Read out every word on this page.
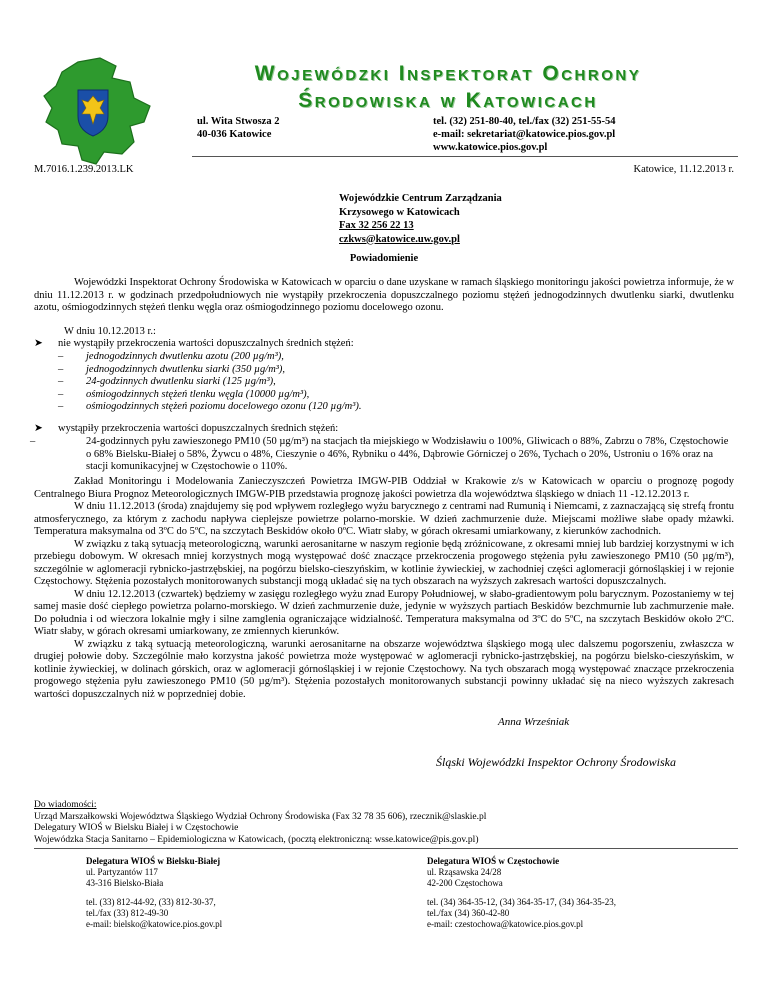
Wojewódzki Inspektorat Ochrony
Środowiska w Katowicach
ul. Wita Stwosza 2
40-036 Katowice
tel. (32) 251-80-40, tel./fax (32) 251-55-54
e-mail: sekretariat@katowice.pios.gov.pl
www.katowice.pios.gov.pl
M.7016.1.239.2013.LK	Katowice, 11.12.2013 r.
Wojewódzkie Centrum Zarządzania
Krzysowego w Katowicach
Fax 32 256 22 13
czkws@katowice.uw.gov.pl
Powiadomienie
Wojewódzki Inspektorat Ochrony Środowiska w Katowicach w oparciu o dane uzyskane w ramach śląskiego monitoringu jakości powietrza informuje, że w dniu 11.12.2013 r. w godzinach przedpołudniowych nie wystąpiły przekroczenia dopuszczalnego poziomu stężeń jednogodzinnych dwutlenku siarki, dwutlenku azotu, ośmiogodzinnych stężeń tlenku węgla oraz ośmiogodzinnego poziomu docelowego ozonu.
W dniu 10.12.2013 r.:
➤ nie wystąpiły przekroczenia wartości dopuszczalnych średnich stężeń:
– jednogodzinnych dwutlenku azotu (200 µg/m³),
– jednogodzinnych dwutlenku siarki (350 µg/m³),
– 24-godzinnych dwutlenku siarki (125 µg/m³),
– ośmiogodzinnych stężeń tlenku węgla (10000 µg/m³),
– ośmiogodzinnych stężeń poziomu docelowego ozonu (120 µg/m³).
➤ wystąpiły przekroczenia wartości dopuszczalnych średnich stężeń:
–	24-godzinnych pyłu zawieszonego PM10 (50 µg/m³) na stacjach tła miejskiego w Wodzisławiu o 100%, Gliwicach o 88%, Zabrzu o 78%, Częstochowie o 68% Bielsku-Białej o 58%, Żywcu o 48%, Cieszynie o 46%, Rybniku o 44%, Dąbrowie Górniczej o 26%, Tychach o 20%, Ustroniu o 16% oraz na stacji komunikacyjnej w Częstochowie o 110%.
Zakład Monitoringu i Modelowania Zanieczyszczeń Powietrza IMGW-PIB Oddział w Krakowie z/s w Katowicach w oparciu o prognozę pogody Centralnego Biura Prognoz Meteorologicznych IMGW-PIB przedstawia prognozę jakości powietrza dla województwa śląskiego w dniach 11 -12.12.2013 r.
W dniu 11.12.2013 (środa) znajdujemy się pod wpływem rozległego wyżu barycznego z centrami nad Rumunią i Niemcami, z zaznaczającą się strefą frontu atmosferycznego, za którym z zachodu napływa cieplejsze powietrze polarno-morskie. W dzień zachmurzenie duże. Miejscami możliwe słabe opady mżawki. Temperatura maksymalna od 3ºC do 5ºC, na szczytach Beskidów około 0ºC. Wiatr słaby, w górach okresami umiarkowany, z kierunków zachodnich.
W związku z taką sytuacją meteorologiczną, warunki aerosanitarne w naszym regionie będą zróżnicowane, z okresami mniej lub bardziej korzystnymi w ich przebiegu dobowym. W okresach mniej korzystnych mogą występować dość znaczące przekroczenia progowego stężenia pyłu zawieszonego PM10 (50 µg/m³), szczególnie w aglomeracji rybnicko-jastrzębskiej, na pogórzu bielsko-cieszyńskim, w kotlinie żywieckiej, w zachodniej części aglomeracji górnośląskiej i w rejonie Częstochowy. Stężenia pozostałych monitorowanych substancji mogą układać się na tych obszarach na wyższych zakresach wartości dopuszczalnych.
W dniu 12.12.2013 (czwartek) będziemy w zasięgu rozległego wyżu znad Europy Południowej, w słabo-gradientowym polu barycznym. Pozostaniemy w tej samej masie dość ciepłego powietrza polarno-morskiego. W dzień zachmurzenie duże, jedynie w wyższych partiach Beskidów bezchmurnie lub zachmurzenie małe. Do południa i od wieczora lokalnie mgły i silne zamglenia ograniczające widzialność. Temperatura maksymalna od 3ºC do 5ºC, na szczytach Beskidów około 2ºC. Wiatr słaby, w górach okresami umiarkowany, ze zmiennych kierunków.
W związku z taką sytuacją meteorologiczną, warunki aerosanitarne na obszarze województwa śląskiego mogą ulec dalszemu pogorszeniu, zwłaszcza w drugiej połowie doby. Szczególnie mało korzystna jakość powietrza może występować w aglomeracji rybnicko-jastrzębskiej, na pogórzu bielsko-cieszyńskim, w kotlinie żywieckiej, w dolinach górskich, oraz w aglomeracji górnośląskiej i w rejonie Częstochowy. Na tych obszarach mogą występować znaczące przekroczenia progowego stężenia pyłu zawieszonego PM10 (50 µg/m³). Stężenia pozostałych monitorowanych substancji powinny układać się na nieco wyższych zakresach wartości dopuszczalnych niż w poprzedniej dobie.
Anna Wrześniak
Śląski Wojewódzki Inspektor Ochrony Środowiska
Do wiadomości:
Urząd Marszałkowski Województwa Śląskiego Wydział Ochrony Środowiska (Fax 32 78 35 606), rzecznik@slaskie.pl
Delegatury WIOŚ w Bielsku Białej i w Częstochowie
Wojewódzka Stacja Sanitarno – Epidemiologiczna w Katowicach, (pocztą elektroniczną: wsse.katowice@pis.gov.pl)
Delegatura WIOŚ w Bielsku-Białej
ul. Partyzantów 117
43-316 Bielsko-Biała
tel. (33) 812-44-92, (33) 812-30-37,
tel./fax (33) 812-49-30
e-mail: bielsko@katowice.pios.gov.pl
Delegatura WIOŚ w Częstochowie
ul. Rząsawska 24/28
42-200 Częstochowa
tel. (34) 364-35-12, (34) 364-35-17, (34) 364-35-23,
tel./fax (34) 360-42-80
e-mail: czestochowa@katowice.pios.gov.pl
